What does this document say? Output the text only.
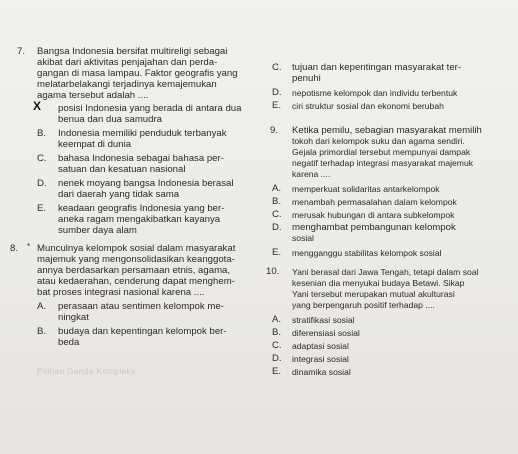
7. Bangsa Indonesia bersifat multireligi sebagai
akibat dari aktivitas penjajahan dan perda-
gangan di masa lampau. Faktor geografis yang
melatarbelakangi terjadinya kemajemukan
agama tersebut adalah ....
X posisi Indonesia yang berada di antara dua
benua dan dua samudra
B. Indonesia memiliki penduduk terbanyak
keempat di dunia
C. bahasa Indonesia sebagai bahasa per-
satuan dan kesatuan nasional
D. nenek moyang bangsa Indonesia berasal
dari daerah yang tidak sama
E. keadaan geografis Indonesia yang ber-
aneka ragam mengakibatkan kayanya
sumber daya alam
8. * Munculnya kelompok sosial dalam masyarakat
majemuk yang mengonsolidasikan keanggota-
annya berdasarkan persamaan etnis, agama,
atau kedaerahan, cenderung dapat menghem-
bat proses integrasi nasional karena ....
A. perasaan atau sentimen kelompok me-
ningkat
B. budaya dan kepentingan kelompok ber-
beda
Pilihan Ganda Kompleks
C. tujuan dan kepentingan masyarakat ter-
penuhi
D. nepotisme kelompok dan individu terbentuk
E. ciri struktur sosial dan ekonomi berubah
9. Ketika pemilu, sebagian masyarakat memilih
tokoh dari kelompok suku dan agama sendiri.
Gejala primordial tersebut mempunyai dampak
negatif terhadap integrasi masyarakat majemuk
karena ....
A. memperkuat solidaritas antarkelompok
B. menambah permasalahan dalam kelompok
C. merusak hubungan di antara subkelompok
D. menghambat pembangunan kelompok
sosial
E. mengganggu stabilitas kelompok sosial
10. Yani berasal dari Jawa Tengah, tetapi dalam soal
kesenian dia menyukai budaya Betawi. Sikap
Yani tersebut merupakan mutual akulturasi
yang berpengaruh positif terhadap ....
A. stratifikasi sosial
B. diferensiasi sosial
C. adaptasi sosial
D. integrasi sosial
E. dinamika sosial
